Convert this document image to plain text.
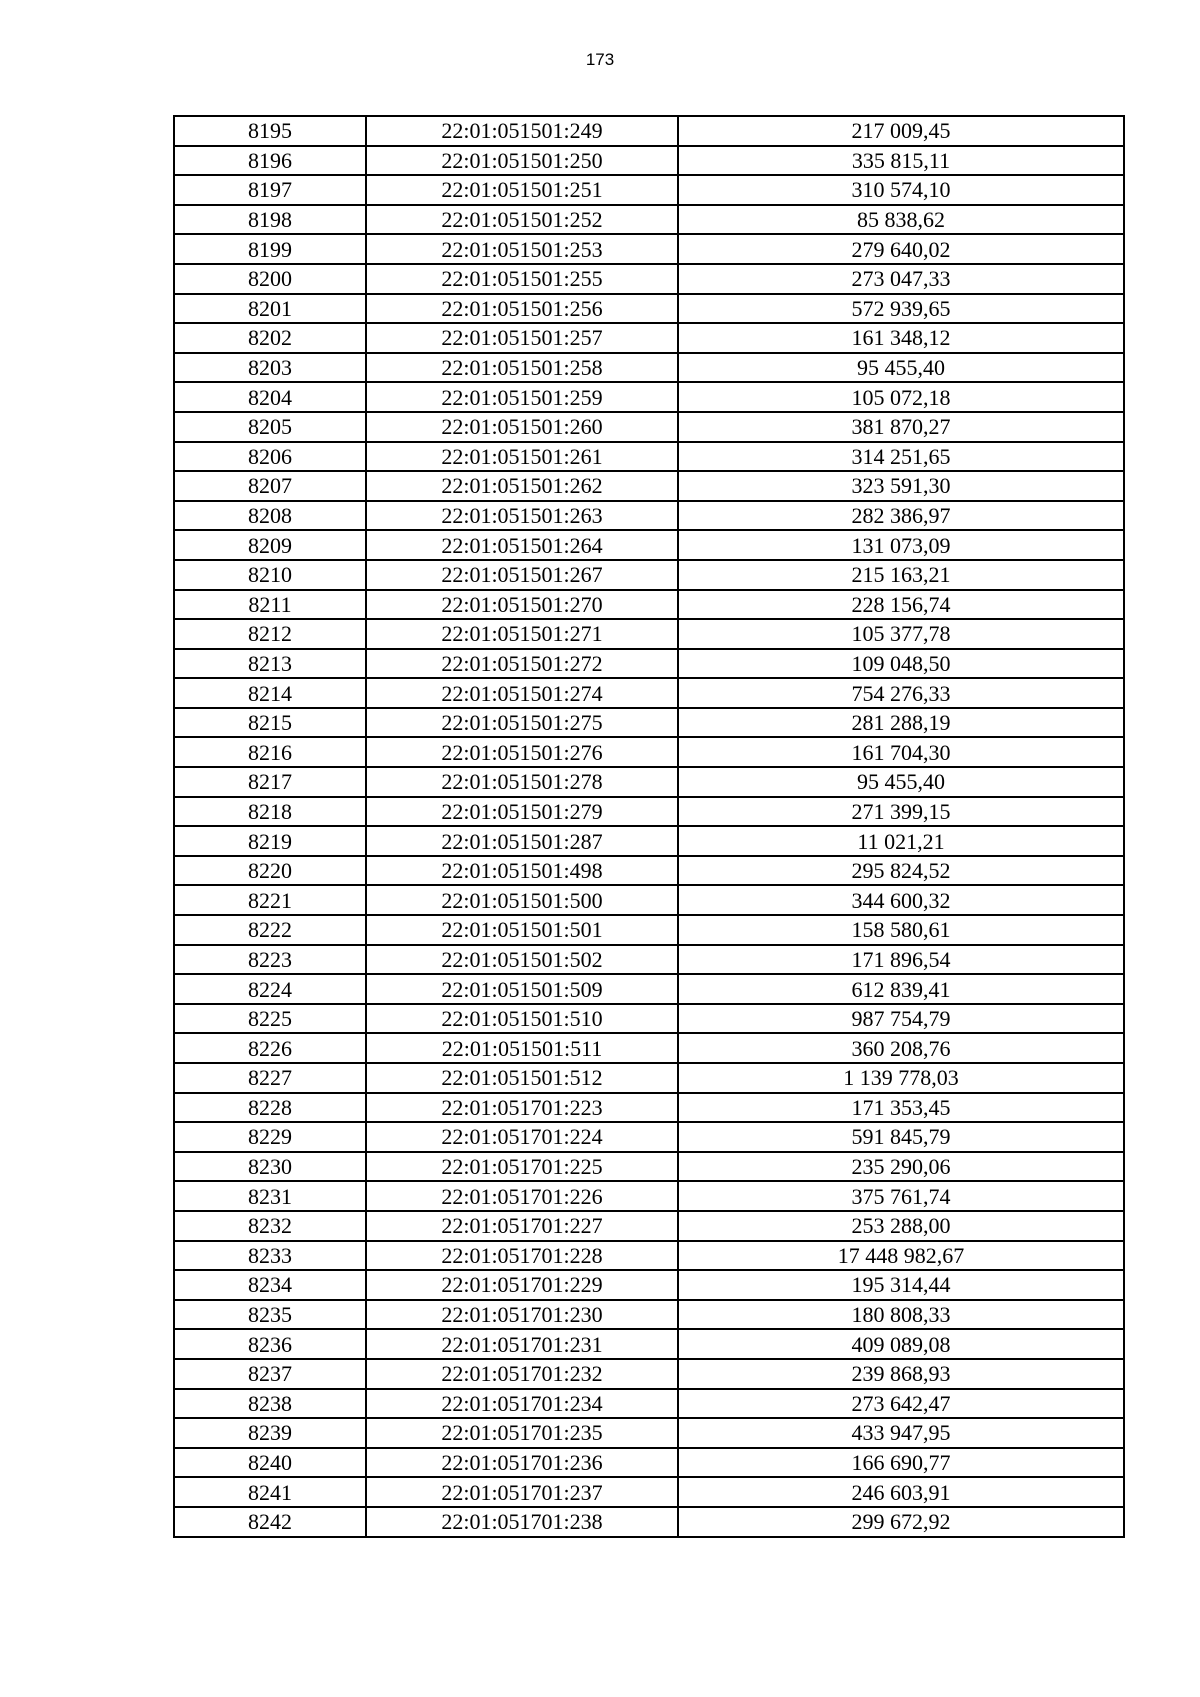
173
8195	22:01:051501:249	217 009,45
8196	22:01:051501:250	335 815,11
8197	22:01:051501:251	310 574,10
8198	22:01:051501:252	85 838,62
8199	22:01:051501:253	279 640,02
8200	22:01:051501:255	273 047,33
8201	22:01:051501:256	572 939,65
8202	22:01:051501:257	161 348,12
8203	22:01:051501:258	95 455,40
8204	22:01:051501:259	105 072,18
8205	22:01:051501:260	381 870,27
8206	22:01:051501:261	314 251,65
8207	22:01:051501:262	323 591,30
8208	22:01:051501:263	282 386,97
8209	22:01:051501:264	131 073,09
8210	22:01:051501:267	215 163,21
8211	22:01:051501:270	228 156,74
8212	22:01:051501:271	105 377,78
8213	22:01:051501:272	109 048,50
8214	22:01:051501:274	754 276,33
8215	22:01:051501:275	281 288,19
8216	22:01:051501:276	161 704,30
8217	22:01:051501:278	95 455,40
8218	22:01:051501:279	271 399,15
8219	22:01:051501:287	11 021,21
8220	22:01:051501:498	295 824,52
8221	22:01:051501:500	344 600,32
8222	22:01:051501:501	158 580,61
8223	22:01:051501:502	171 896,54
8224	22:01:051501:509	612 839,41
8225	22:01:051501:510	987 754,79
8226	22:01:051501:511	360 208,76
8227	22:01:051501:512	1 139 778,03
8228	22:01:051701:223	171 353,45
8229	22:01:051701:224	591 845,79
8230	22:01:051701:225	235 290,06
8231	22:01:051701:226	375 761,74
8232	22:01:051701:227	253 288,00
8233	22:01:051701:228	17 448 982,67
8234	22:01:051701:229	195 314,44
8235	22:01:051701:230	180 808,33
8236	22:01:051701:231	409 089,08
8237	22:01:051701:232	239 868,93
8238	22:01:051701:234	273 642,47
8239	22:01:051701:235	433 947,95
8240	22:01:051701:236	166 690,77
8241	22:01:051701:237	246 603,91
8242	22:01:051701:238	299 672,92
